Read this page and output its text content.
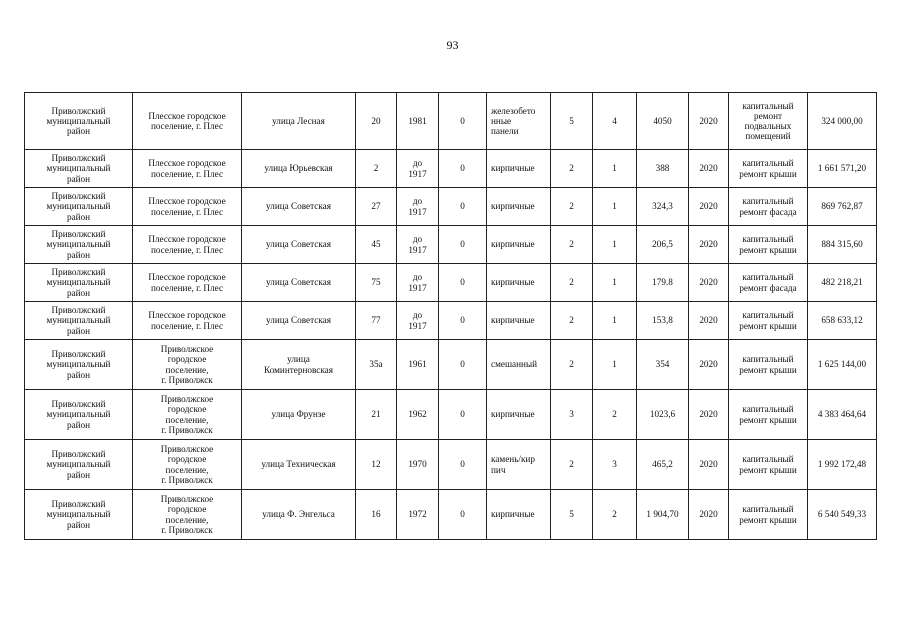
93
Приволжский
муниципальный
район	Плесское городское
поселение, г. Плес	улица Лесная	20	1981	0	железобето
нные
панели	5	4	4050	2020	капитальный
ремонт
подвальных
помещений	324 000,00
Приволжский
муниципальный
район	Плесское городское
поселение, г. Плес	улица Юрьевская	2	до
1917	0	кирпичные	2	1	388	2020	капитальный
ремонт крыши	1 661 571,20
Приволжский
муниципальный
район	Плесское городское
поселение, г. Плес	улица Советская	27	до
1917	0	кирпичные	2	1	324,3	2020	капитальный
ремонт фасада	869 762,87
Приволжский
муниципальный
район	Плесское городское
поселение, г. Плес	улица Советская	45	до
1917	0	кирпичные	2	1	206,5	2020	капитальный
ремонт крыши	884 315,60
Приволжский
муниципальный
район	Плесское городское
поселение, г. Плес	улица Советская	75	до
1917	0	кирпичные	2	1	179.8	2020	капитальный
ремонт фасада	482 218,21
Приволжский
муниципальный
район	Плесское городское
поселение, г. Плес	улица Советская	77	до
1917	0	кирпичные	2	1	153,8	2020	капитальный
ремонт крыши	658 633,12
Приволжский
муниципальный
район	Приволжское
городское
поселение,
г. Приволжск	улица
Коминтерновская	35а	1961	0	смешанный	2	1	354	2020	капитальный
ремонт крыши	1 625 144,00
Приволжский
муниципальный
район	Приволжское
городское
поселение,
г. Приволжск	улица Фрунзе	21	1962	0	кирпичные	3	2	1023,6	2020	капитальный
ремонт крыши	4 383 464,64
Приволжский
муниципальный
район	Приволжское
городское
поселение,
г. Приволжск	улица Техническая	12	1970	0	камень/кир
пич	2	3	465,2	2020	капитальный
ремонт крыши	1 992 172,48
Приволжский
муниципальный
район	Приволжское
городское
поселение,
г. Приволжск	улица Ф. Энгельса	16	1972	0	кирпичные	5	2	1 904,70	2020	капитальный
ремонт крыши	6 540 549,33
